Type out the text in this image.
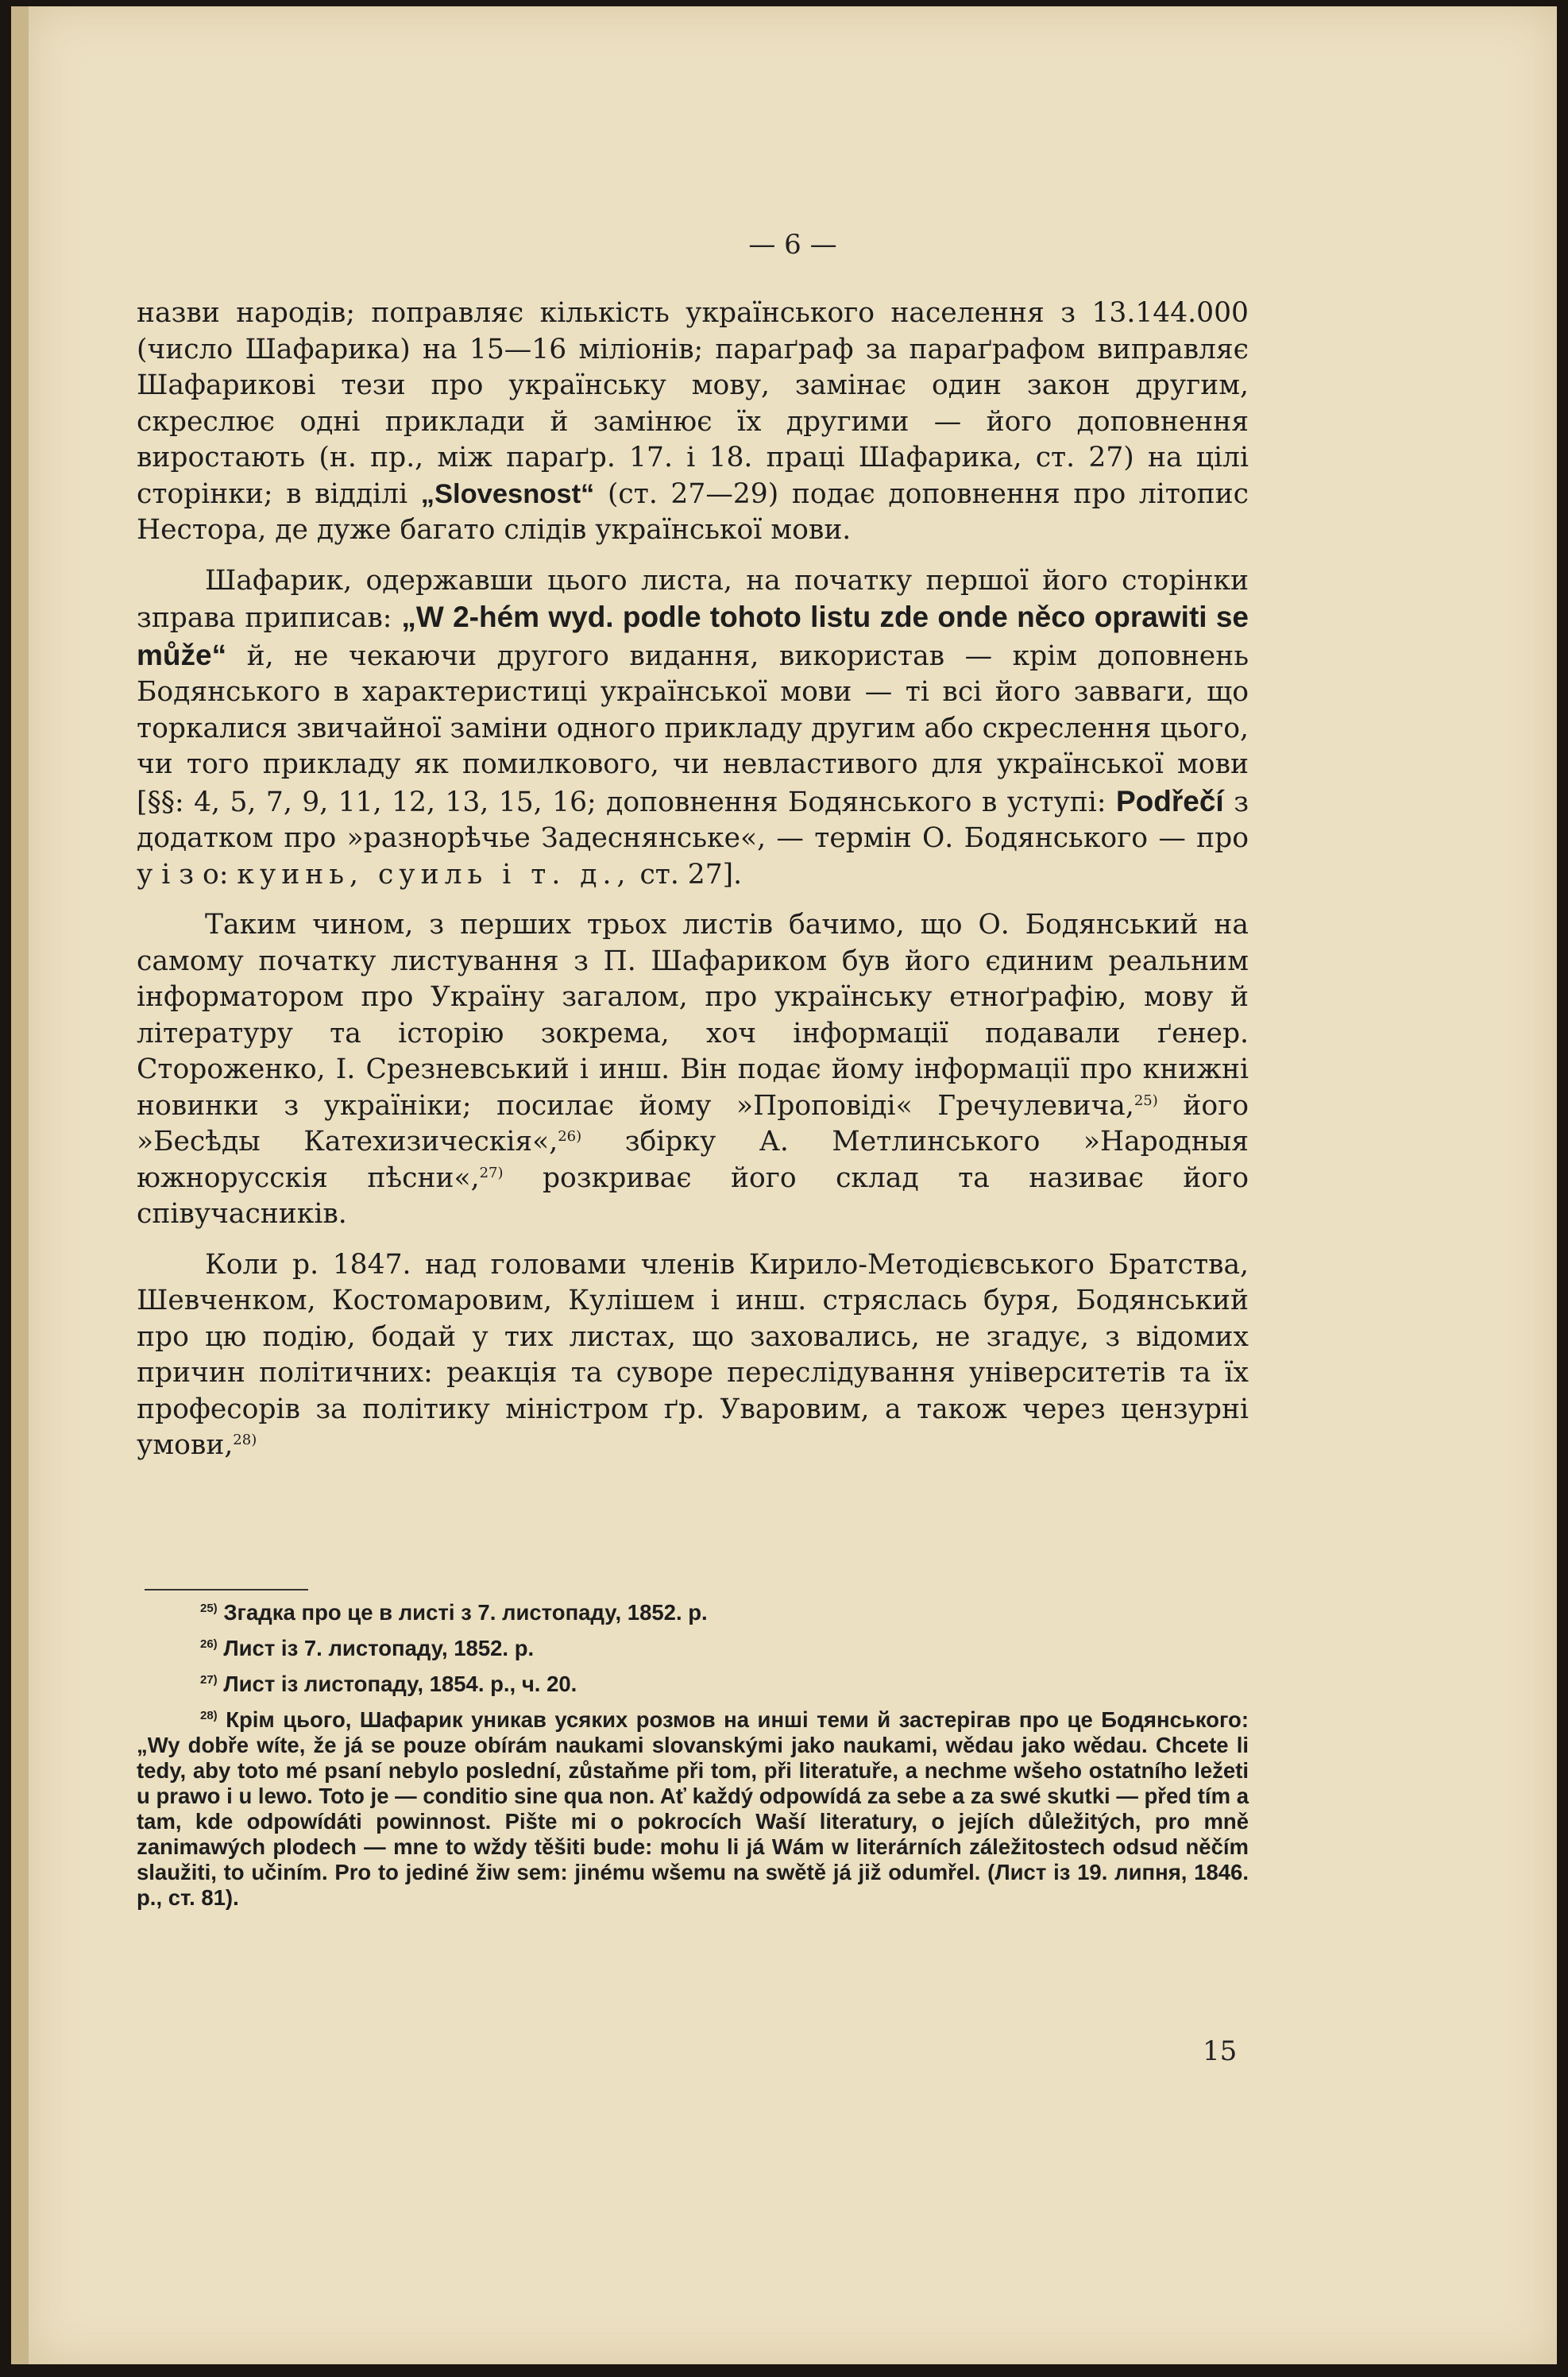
— 6 —

назви народів; поправляє кількість українського населення з 13.144.000 (число Шафарика) на 15—16 міліонів; параґраф за параґрафом виправляє Шафарикові тези про українську мову, замінає один закон другим, скреслює одні приклади й замінює їх другими — його доповнення виростають (н. пр., між параґр. 17. і 18. праці Шафарика, ст. 27) на цілі сторінки; в відділі „Slovesnost“ (ст. 27—29) подає доповнення про літопис Нестора, де дуже багато слідів української мови.

Шафарик, одержавши цього листа, на початку першої його сторінки зправа приписав: „W 2-hém wyd. podle tohoto listu zde onde něco oprawiti se může“ й, не чекаючи другого видання, використав — крім доповнень Бодянського в характеристиці української мови — ті всі його завваги, що торкалися звичайної заміни одного прикладу другим або скреслення цього, чи того прикладу як помилкового, чи невластивого для української мови [§§: 4, 5, 7, 9, 11, 12, 13, 15, 16; доповнення Бодянського в уступі: Podřečí з додатком про »разнорѣчье Задеснянське«, — термін О. Бодянського — про у і з о: куинь, суиль і т. д., ст. 27].

Таким чином, з перших трьох листів бачимо, що О. Бодянський на самому початку листування з П. Шафариком був його єдиним реальним інформатором про Україну загалом, про українську етноґрафію, мову й літературу та історію зокрема, хоч інформації подавали ґенер. Стороженко, І. Срезневський і инш. Він подає йому інформації про книжні новинки з україніки; посилає йому »Проповіді« Гречулевича,$^{25)}$ його »Бесѣды Катехизическія«,$^{26)}$ збірку А. Метлинського »Народныя южнорусскія пѣсни«,$^{27)}$ розкриває його склад та називає його співучасників.

Коли р. 1847. над головами членів Кирило-Методієвського Братства, Шевченком, Костомаровим, Кулішем і инш. стряслась буря, Бодянський про цю подію, бодай у тих листах, що заховались, не згадує, з відомих причин політичних: реакція та суворе переслідування університетів та їх професорів за політику міністром ґр. Уваровим, а також через цензурні умови,$^{28)}$

$^{25)}$ Згадка про це в листі з 7. листопаду, 1852. р.

$^{26)}$ Лист із 7. листопаду, 1852. р.

$^{27)}$ Лист із листопаду, 1854. р., ч. 20.

$^{28)}$ Крім цього, Шафарик уникав усяких розмов на инші теми й застерігав про це Бодянського: „Wy dobře wíte, že já se pouze obírám naukami slovanskými jako naukami, wědau jako wědau. Chcete li tedy, aby toto mé psaní nebylo poslední, zůstaňme při tom, při literatuře, a nechme wšeho ostatního ležeti u prawo i u lewo. Toto je — conditio sine qua non. Ať každý odpowídá za sebe a za swé skutki — před tím a tam, kde odpowídáti powinnost. Pište mi o pokrocích Waší literatury, o jejích důležitých, pro mně zanimawých plodech — mne to wždy těšiti bude: mohu li já Wám w literárních záležitostech odsud něčím slaužiti, to učiním. Pro to jediné žiw sem: jinému wšemu na swětě já již odumřel. (Лист із 19. липня, 1846. р., ст. 81).

15
